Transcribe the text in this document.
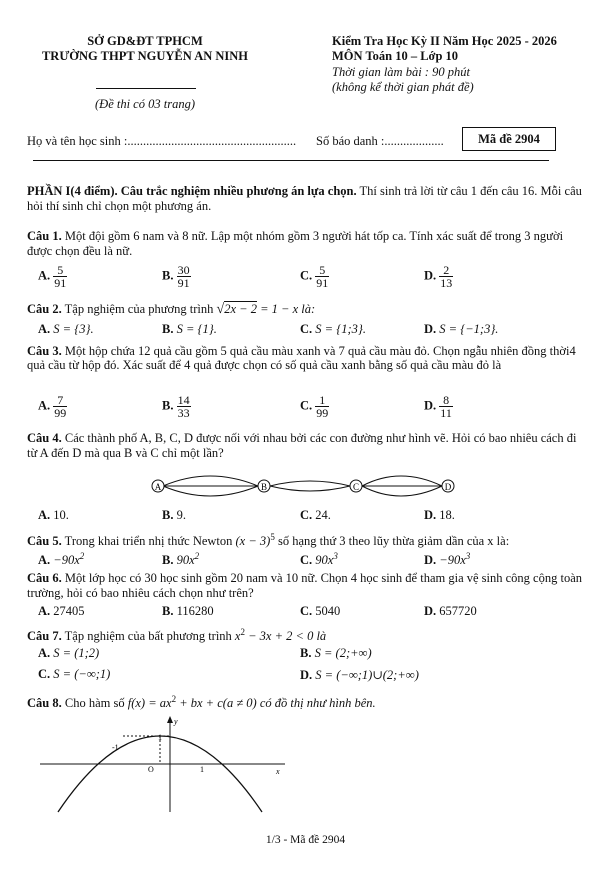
SỞ GD&ĐT TPHCM
TRƯỜNG THPT NGUYỄN AN NINH
(Đề thi có 03 trang)
Kiểm Tra Học Kỳ II Năm Học 2025 - 2026
MÔN Toán 10 – Lớp 10
Thời gian làm bài : 90 phút
(không kể thời gian phát đề)
Họ và tên học sinh :...................................................... Số báo danh :...................	Mã đề 2904
PHẦN I(4 điểm). Câu trắc nghiệm nhiều phương án lựa chọn. Thí sinh trả lời từ câu 1 đến câu 16. Mỗi câu hỏi thí sinh chỉ chọn một phương án.
Câu 1. Một đội gồm 6 nam và 8 nữ. Lập một nhóm gồm 3 người hát tốp ca. Tính xác suất để trong 3 người được chọn đều là nữ.
A. $\frac{5}{91}$	B. $\frac{30}{91}$	C. $\frac{5}{91}$	D. $\frac{2}{13}$
Câu 2. Tập nghiệm của phương trình √2x − 2 = 1 − x là:
A. S = {3}.	B. S = {1}.	C. S = {1;3}.	D. S = {−1;3}.
Câu 3. Một hộp chứa 12 quả cầu gồm 5 quả cầu màu xanh và 7 quả cầu màu đỏ. Chọn ngẫu nhiên đồng thời4 quả cầu từ hộp đó. Xác suất để 4 quả được chọn có số quả cầu xanh bằng số quả cầu màu đỏ là
A. $\frac{7}{99}$	B. $\frac{14}{33}$	C. $\frac{1}{99}$	D. $\frac{8}{11}$
Câu 4. Các thành phố A, B, C, D được nối với nhau bởi các con đường như hình vẽ. Hỏi có bao nhiêu cách đi từ A đến D mà qua B và C chỉ một lần?
A	B	C	D
A. 10.	B. 9.	C. 24.	D. 18.
Câu 5. Trong khai triển nhị thức Newton $(x - 3)^5$ số hạng thứ 3 theo lũy thừa giảm dần của x là:
A. $-90x^2$	B. $90x^2$	C. $90x^3$	D. $-90x^3$
Câu 6. Một lớp học có 30 học sinh gồm 20 nam và 10 nữ. Chọn 4 học sinh để tham gia vệ sinh công cộng toàn trường, hỏi có bao nhiêu cách chọn như trên?
A. 27405	B. 116280	C. 5040	D. 657720
Câu 7. Tập nghiệm của bất phương trình $x^2 - 3x + 2 < 0$ là
A. S = (1;2)	B. S = (2;+∞)
C. S = (−∞;1)	D. S = (−∞;1)∪(2;+∞)
Câu 8. Cho hàm số $f(x) = ax^2$ + bx + c(a ≠ 0) có đồ thị như hình bên.
y
x
O
-1
1
1
1/3 - Mã đề 2904
